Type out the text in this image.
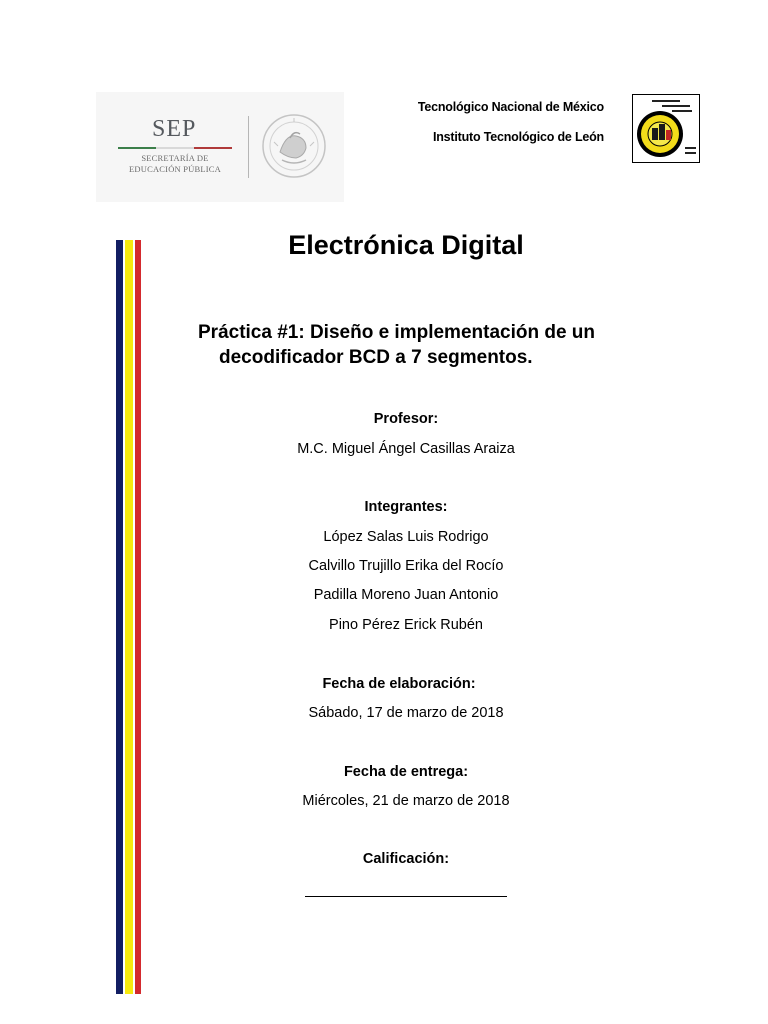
SEP
SECRETARÍA DE
EDUCACIÓN PÚBLICA
Tecnológico Nacional de México
Instituto Tecnológico de León
Electrónica Digital
Práctica #1: Diseño e implementación de un
decodificador BCD a 7 segmentos.
Profesor:
M.C. Miguel Ángel Casillas Araiza
Integrantes:
López Salas Luis Rodrigo
Calvillo Trujillo Erika del Rocío
Padilla Moreno Juan Antonio
Pino Pérez Erick Rubén
Fecha de elaboración:
Sábado, 17 de marzo de 2018
Fecha de entrega:
Miércoles, 21 de marzo de 2018
Calificación:
